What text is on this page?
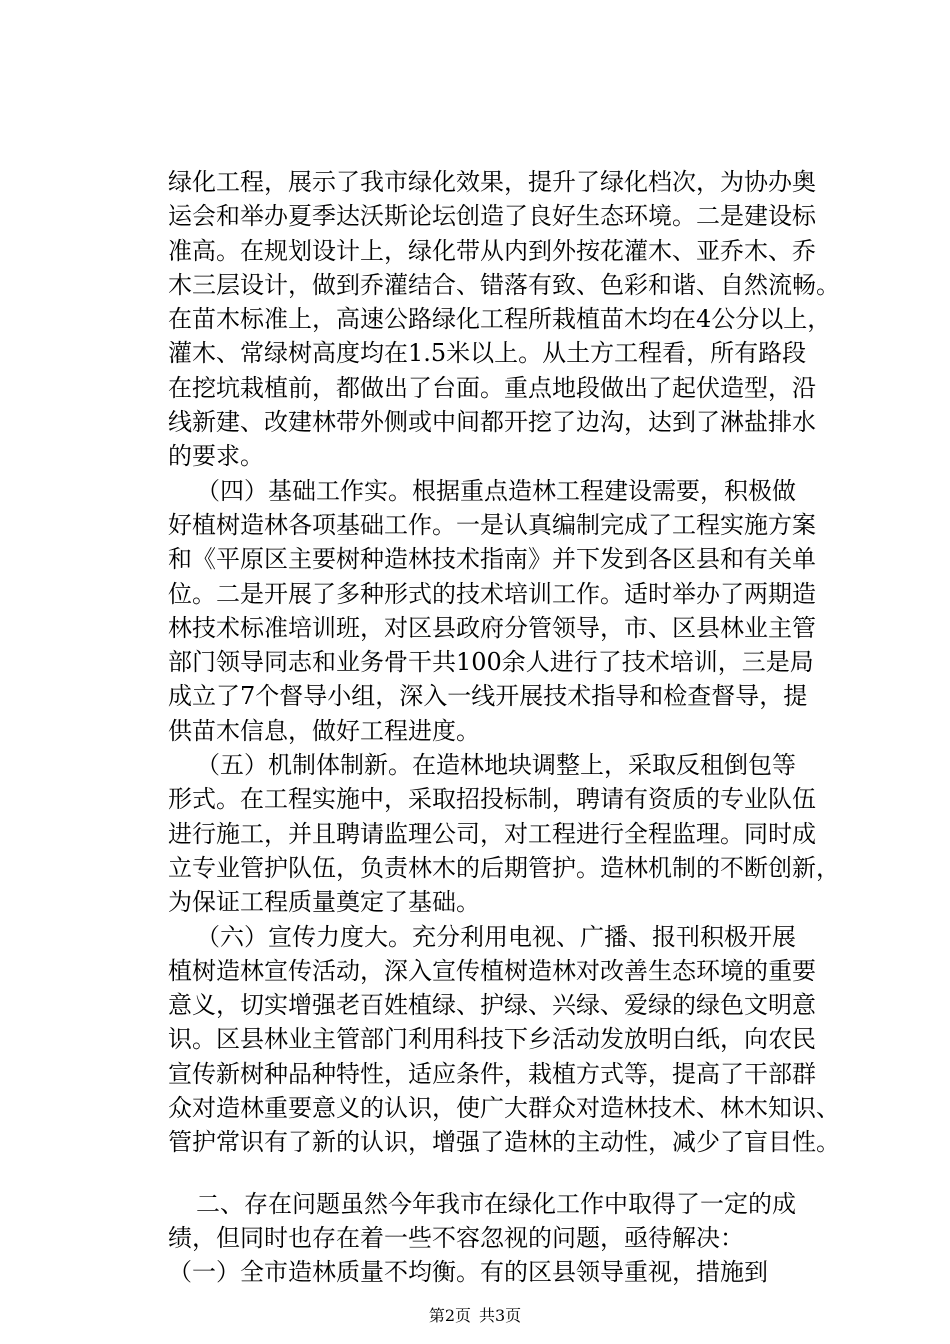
绿化工程，展示了我市绿化效果，提升了绿化档次，为协办奥
运会和举办夏季达沃斯论坛创造了良好生态环境。二是建设标
准高。在规划设计上，绿化带从内到外按花灌木、亚乔木、乔
木三层设计，做到乔灌结合、错落有致、色彩和谐、自然流畅。
在苗木标准上，高速公路绿化工程所栽植苗木均在4公分以上，
灌木、常绿树高度均在1.5米以上。从土方工程看，所有路段
在挖坑栽植前，都做出了台面。重点地段做出了起伏造型，沿
线新建、改建林带外侧或中间都开挖了边沟，达到了淋盐排水
的要求。
（四）基础工作实。根据重点造林工程建设需要，积极做
好植树造林各项基础工作。一是认真编制完成了工程实施方案
和《平原区主要树种造林技术指南》并下发到各区县和有关单
位。二是开展了多种形式的技术培训工作。适时举办了两期造
林技术标准培训班，对区县政府分管领导，市、区县林业主管
部门领导同志和业务骨干共100余人进行了技术培训，三是局
成立了7个督导小组，深入一线开展技术指导和检查督导，提
供苗木信息，做好工程进度。
（五）机制体制新。在造林地块调整上，采取反租倒包等
形式。在工程实施中，采取招投标制，聘请有资质的专业队伍
进行施工，并且聘请监理公司，对工程进行全程监理。同时成
立专业管护队伍，负责林木的后期管护。造林机制的不断创新，
为保证工程质量奠定了基础。
（六）宣传力度大。充分利用电视、广播、报刊积极开展
植树造林宣传活动，深入宣传植树造林对改善生态环境的重要
意义，切实增强老百姓植绿、护绿、兴绿、爱绿的绿色文明意
识。区县林业主管部门利用科技下乡活动发放明白纸，向农民
宣传新树种品种特性，适应条件，栽植方式等，提高了干部群
众对造林重要意义的认识，使广大群众对造林技术、林木知识、
管护常识有了新的认识，增强了造林的主动性，减少了盲目性。
二、存在问题虽然今年我市在绿化工作中取得了一定的成
绩，但同时也存在着一些不容忽视的问题，亟待解决：
（一）全市造林质量不均衡。有的区县领导重视，措施到
第2页 共3页
